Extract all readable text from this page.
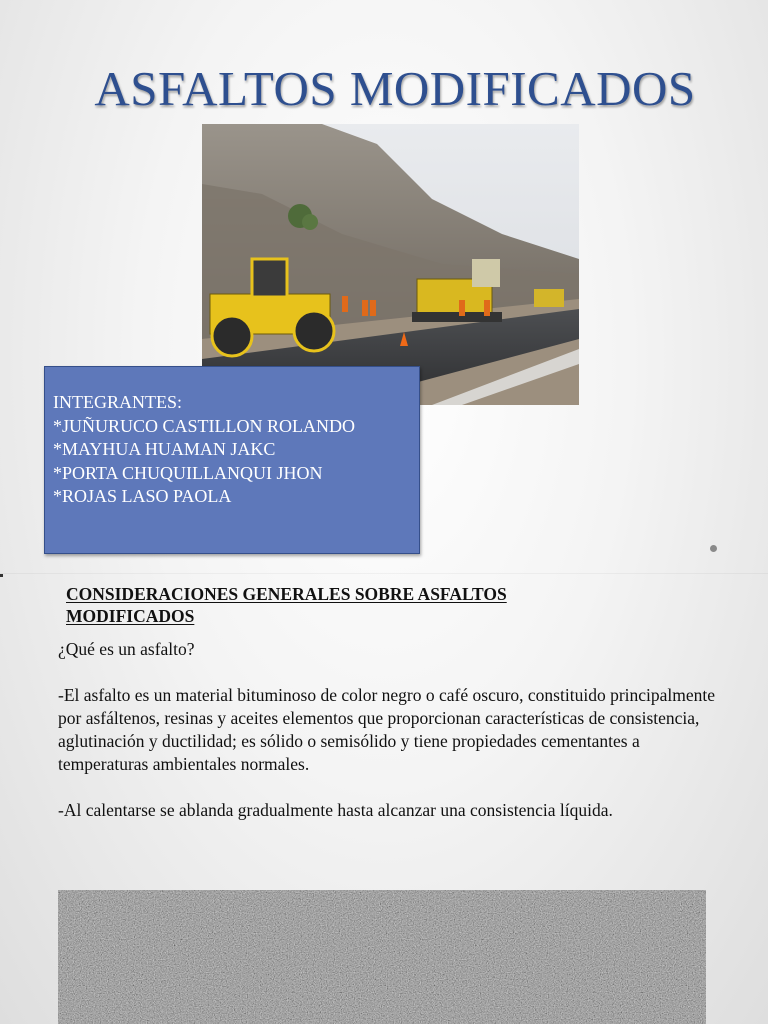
ASFALTOS MODIFICADOS
INTEGRANTES:
*JUÑURUCO CASTILLON ROLANDO
*MAYHUA HUAMAN JAKC
*PORTA CHUQUILLANQUI JHON
*ROJAS LASO PAOLA
CONSIDERACIONES GENERALES SOBRE ASFALTOS
MODIFICADOS

¿Qué es un asfalto?

-El asfalto es un material bituminoso de color negro o café oscuro, constituido principalmente por asfáltenos, resinas y aceites elementos que proporcionan características de consistencia, aglutinación y ductilidad; es sólido o semisólido y tiene propiedades cementantes a temperaturas ambientales normales.

-Al calentarse se ablanda gradualmente hasta alcanzar una consistencia líquida.
